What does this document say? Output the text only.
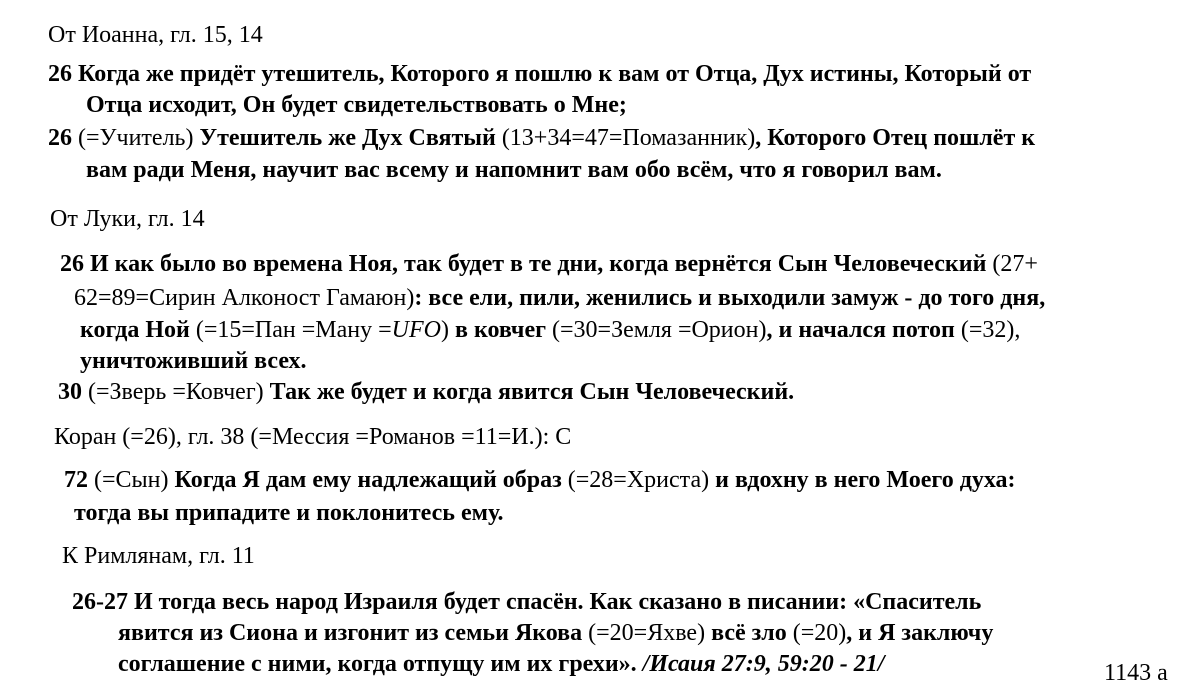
От Иоанна, гл. 15, 14
26 Когда же придёт утешитель, Которого я пошлю к вам от Отца, Дух истины, Который от
Отца исходит, Он будет свидетельствовать о Мне;
26 (=Учитель) Утешитель же Дух Святый (13+34=47=Помазанник), Которого Отец пошлёт к
вам ради Меня, научит вас всему и напомнит вам обо всём, что я говорил вам.
От Луки, гл. 14
26 И как было во времена Ноя, так будет в те дни, когда вернётся Сын Человеческий (27+
62=89=Сирин Алконост Гамаюн): все ели, пили, женились и выходили замуж - до того дня,
когда Ной (=15=Пан =Ману =UFO) в ковчег (=30=Земля =Орион), и начался потоп (=32),
уничтоживший всех.
30 (=Зверь =Ковчег) Так же будет и когда явится Сын Человеческий.
Коран (=26), гл. 38 (=Мессия =Романов =11=И.): С
72 (=Сын) Когда Я дам ему надлежащий образ (=28=Христа) и вдохну в него Моего духа:
тогда вы припадите и поклонитесь ему.
К Римлянам, гл. 11
26-27 И тогда весь народ Израиля будет спасён. Как сказано в писании: «Спаситель
явится из Сиона и изгонит из семьи Якова (=20=Яхве) всё зло (=20), и Я заключу
соглашение с ними, когда отпущу им их грехи». /Исаия 27:9, 59:20 - 21/	1143 а
